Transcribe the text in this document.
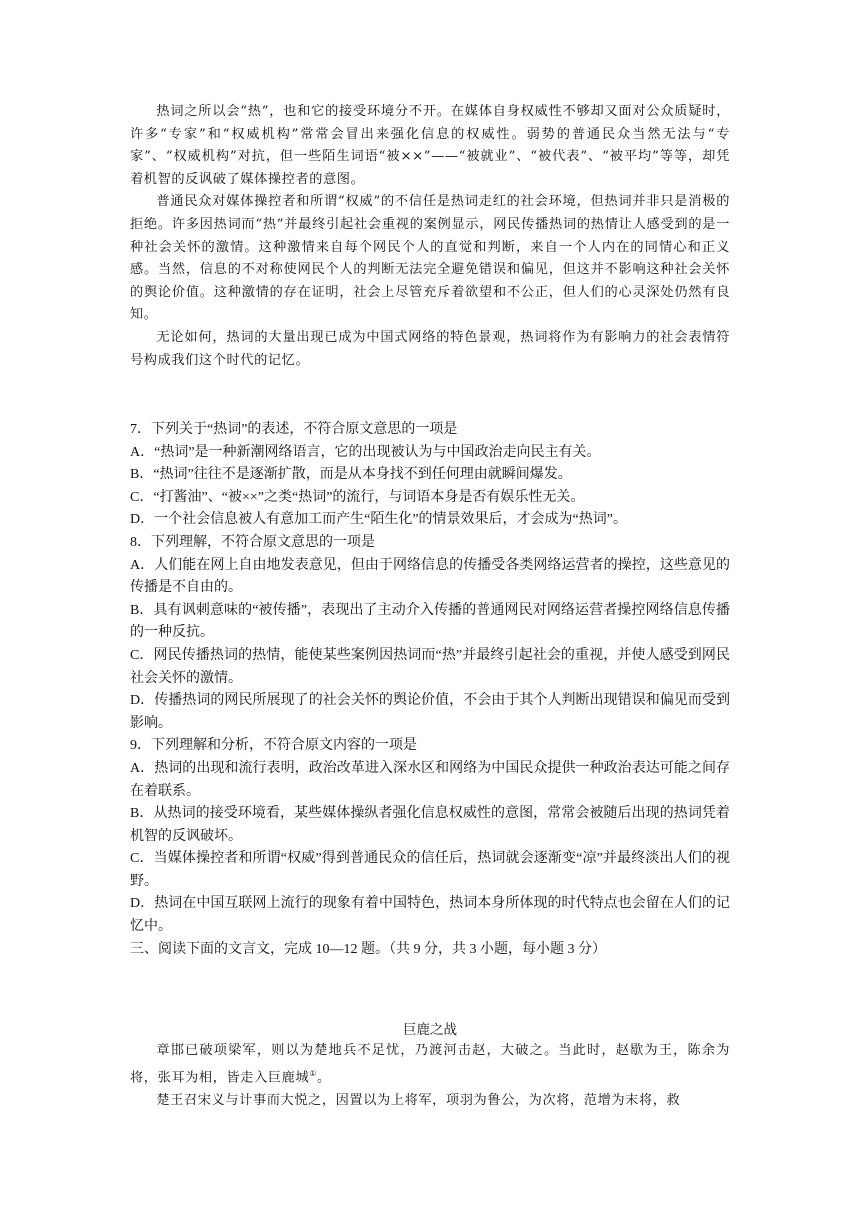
热词之所以会“热”，也和它的接受环境分不开。在媒体自身权威性不够却又面对公众质疑时，许多“专家”和“权威机构”常常会冒出来强化信息的权威性。弱势的普通民众当然无法与“专家”、“权威机构”对抗，但一些陌生词语“被××”——“被就业”、“被代表”、“被平均”等等，却凭着机智的反讽破了媒体操控者的意图。

普通民众对媒体操控者和所谓“权威”的不信任是热词走红的社会环境，但热词并非只是消极的拒绝。许多因热词而“热”并最终引起社会重视的案例显示，网民传播热词的热情让人感受到的是一种社会关怀的激情。这种激情来自每个网民个人的直觉和判断，来自一个人内在的同情心和正义感。当然，信息的不对称使网民个人的判断无法完全避免错误和偏见，但这并不影响这种社会关怀的舆论价值。这种激情的存在证明，社会上尽管充斥着欲望和不公正，但人们的心灵深处仍然有良知。

无论如何，热词的大量出现已成为中国式网络的特色景观，热词将作为有影响力的社会表情符号构成我们这个时代的记忆。

7．下列关于“热词”的表述，不符合原文意思的一项是

A．“热词”是一种新潮网络语言，它的出现被认为与中国政治走向民主有关。

B．“热词”往往不是逐渐扩散，而是从本身找不到任何理由就瞬间爆发。

C．“打酱油”、“被××”之类“热词”的流行，与词语本身是否有娱乐性无关。

D．一个社会信息被人有意加工而产生“陌生化”的情景效果后，才会成为“热词”。

8．下列理解，不符合原文意思的一项是

A．人们能在网上自由地发表意见，但由于网络信息的传播受各类网络运营者的操控，这些意见的传播是不自由的。

B．具有讽刺意味的“被传播”，表现出了主动介入传播的普通网民对网络运营者操控网络信息传播的一种反抗。

C．网民传播热词的热情，能使某些案例因热词而“热”并最终引起社会的重视，并使人感受到网民社会关怀的激情。

D．传播热词的网民所展现了的社会关怀的舆论价值，不会由于其个人判断出现错误和偏见而受到影响。

9．下列理解和分析，不符合原文内容的一项是

A．热词的出现和流行表明，政治改革进入深水区和网络为中国民众提供一种政治表达可能之间存在着联系。

B．从热词的接受环境看，某些媒体操纵者强化信息权威性的意图，常常会被随后出现的热词凭着机智的反讽破坏。

C．当媒体操控者和所谓“权威”得到普通民众的信任后，热词就会逐渐变“凉”并最终淡出人们的视野。

D．热词在中国互联网上流行的现象有着中国特色，热词本身所体现的时代特点也会留在人们的记忆中。

三、阅读下面的文言文，完成 10—12 题。（共 9 分，共 3 小题，每小题 3 分）

巨鹿之战

章邯已破项梁军，则以为楚地兵不足忧，乃渡河击赵，大破之。当此时，赵歇为王，陈余为将，张耳为相，皆走入巨鹿城①。

楚王召宋义与计事而大悦之，因置以为上将军，项羽为鲁公，为次将，范增为末将，救
